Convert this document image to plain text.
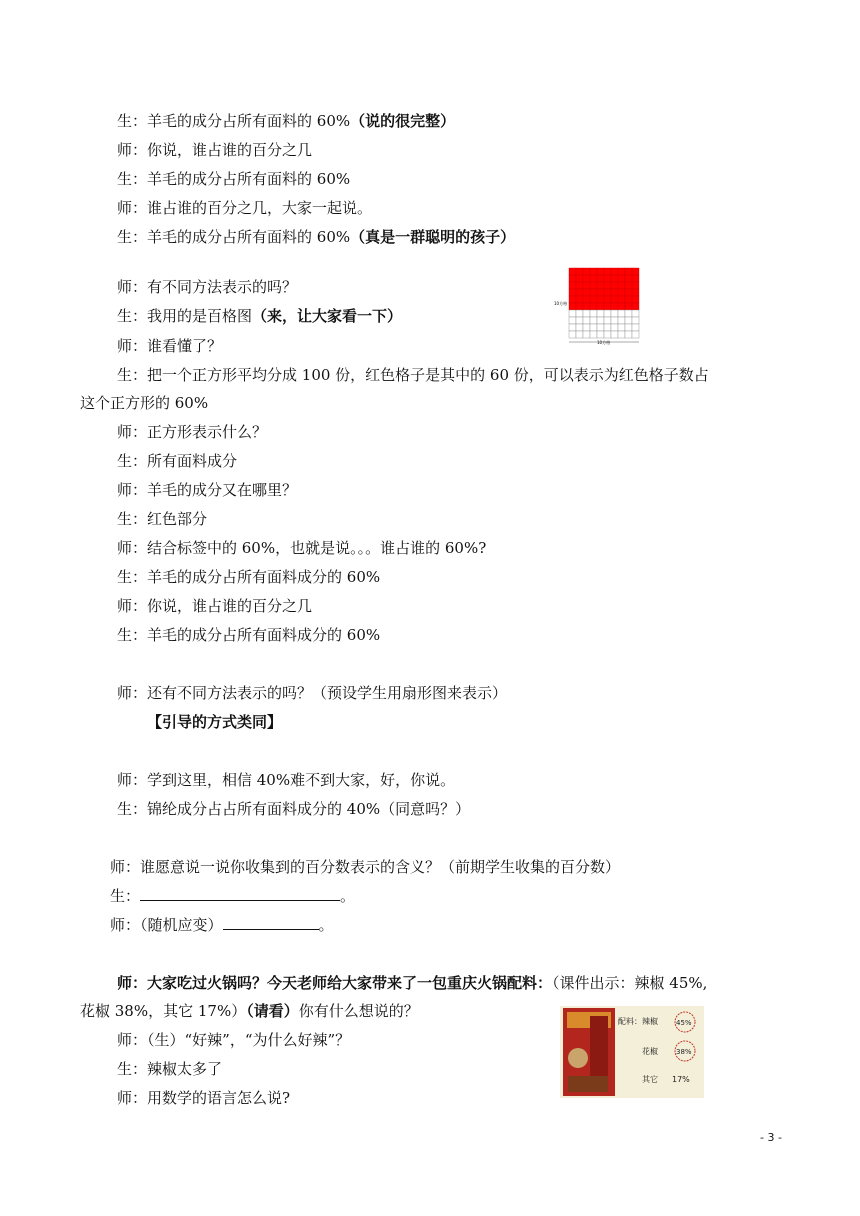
生：羊毛的成分占所有面料的 60%（说的很完整）
师：你说，谁占谁的百分之几
生：羊毛的成分占所有面料的 60%
师：谁占谁的百分之几，大家一起说。
生：羊毛的成分占所有面料的 60%（真是一群聪明的孩子）
师：有不同方法表示的吗？
生：我用的是百格图（来，让大家看一下）
师：谁看懂了？
生：把一个正方形平均分成 100 份，红色格子是其中的 60 份，可以表示为红色格子数占
这个正方形的 60%
师：正方形表示什么？
生：所有面料成分
师：羊毛的成分又在哪里？
生：红色部分
师：结合标签中的 60%，也就是说。。。谁占谁的 60%?
生：羊毛的成分占所有面料成分的 60%
师：你说，谁占谁的百分之几
生：羊毛的成分占所有面料成分的 60%
师：还有不同方法表示的吗？（预设学生用扇形图来表示）
【引导的方式类同】
师：学到这里，相信 40%难不到大家，好，你说。
生：锦纶成分占占所有面料成分的 40%（同意吗？）
师：谁愿意说一说你收集到的百分数表示的含义？（前期学生收集的百分数）
生：	。
师：（随机应变）	。
师：大家吃过火锅吗？今天老师给大家带来了一包重庆火锅配料：（课件出示：辣椒 45%,
花椒 38%，其它 17%）（请看）你有什么想说的？
师：（生）“好辣”，“为什么好辣”？
生：辣椒太多了
师：用数学的语言怎么说?
10方格
10方格
配料： 辣椒	45%
花椒	38%
其它 17%
- 3 -
